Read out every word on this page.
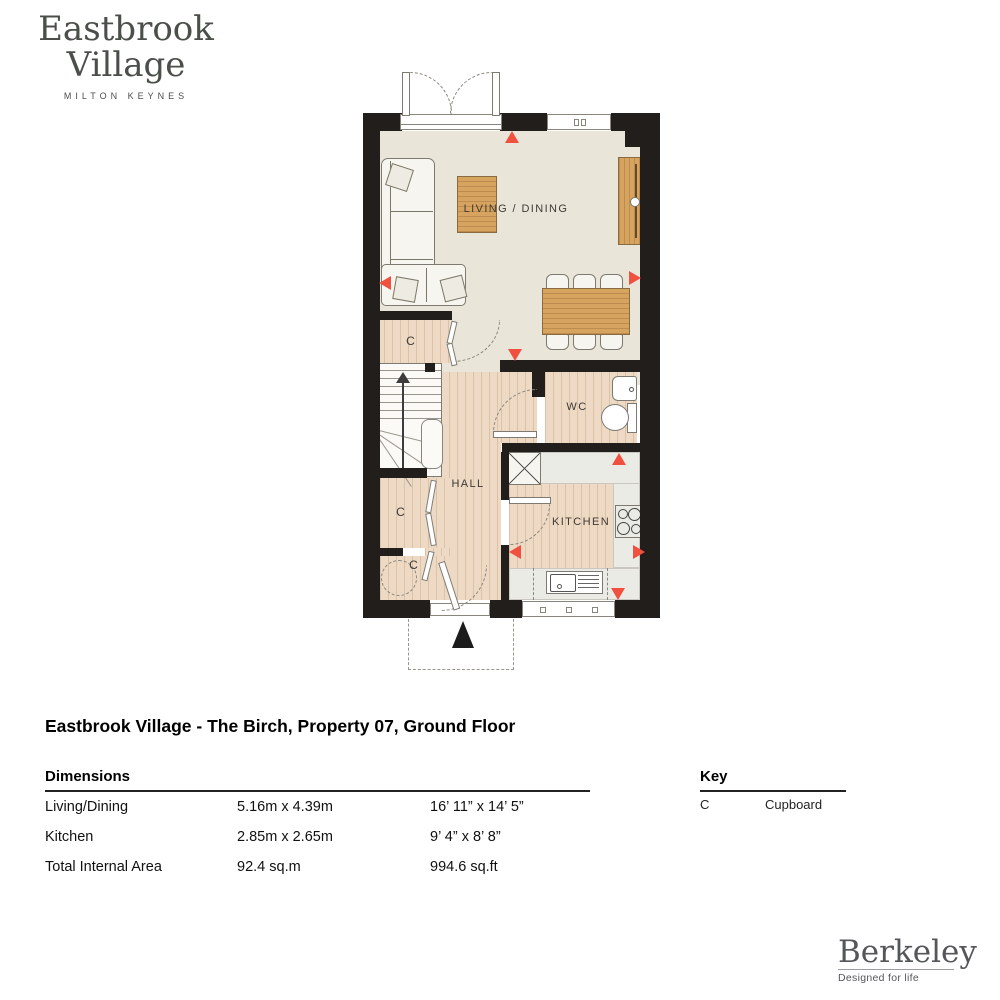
Eastbrook
Village
MILTON KEYNES
LIVING / DINING
HALL
WC
KITCHEN
C
C
C
Eastbrook Village - The Birch, Property 07, Ground Floor
Dimensions
Living/Dining	5.16m x 4.39m	16’ 11” x 14’ 5”
Kitchen	2.85m x 2.65m	9’ 4” x 8’ 8”
Total Internal Area	92.4 sq.m	994.6 sq.ft
Key
C	Cupboard
Berkeley
Designed for life
